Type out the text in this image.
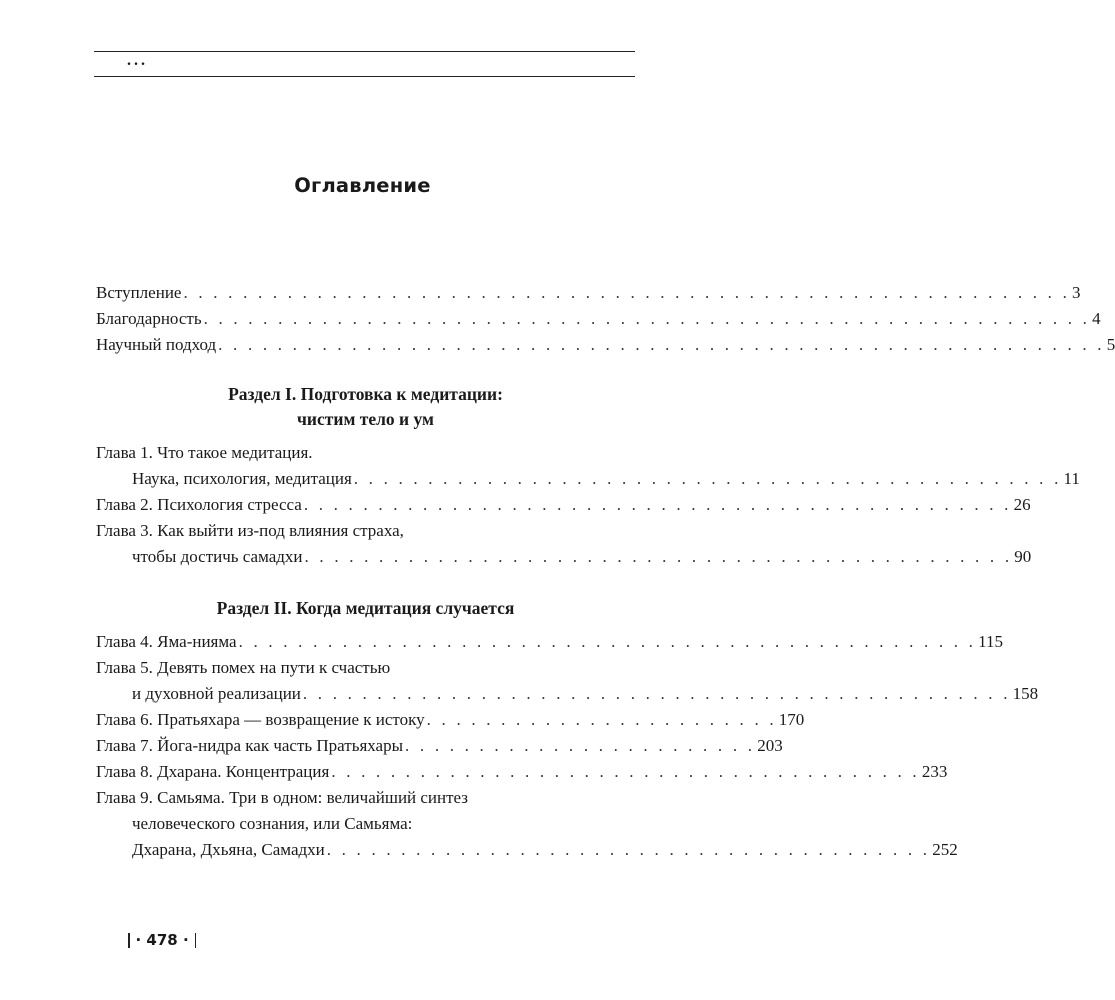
...
Оглавление
Вступление . . . . . . . . . . . . . . . . . . . . . . . . . . . . . . . . . . . . . . . . . . . . . . . . . . . . . . . . . . . . 3
Благодарность . . . . . . . . . . . . . . . . . . . . . . . . . . . . . . . . . . . . . . . . . . . . . . . . . . . . . . . . . . . . 4
Научный подход . . . . . . . . . . . . . . . . . . . . . . . . . . . . . . . . . . . . . . . . . . . . . . . . . . . . . . . . . . . . 5
Раздел I. Подготовка к медитации:
чистим тело и ум
Глава 1. Что такое медитация.
Наука, психология, медитация . . . . . . . . . . . . . . . . . . . . . . . . . . . . . . . . . . . . . . . . . . . . . . . . 11
Глава 2. Психология стресса . . . . . . . . . . . . . . . . . . . . . . . . . . . . . . . . . . . . . . . . . . . . . . . . 26
Глава 3. Как выйти из-под влияния страха,
чтобы достичь самадхи . . . . . . . . . . . . . . . . . . . . . . . . . . . . . . . . . . . . . . . . . . . . . . . . 90
Раздел II. Когда медитация случается
Глава 4. Яма-нияма . . . . . . . . . . . . . . . . . . . . . . . . . . . . . . . . . . . . . . . . . . . . . . . . . . 115
Глава 5. Девять помех на пути к счастью
и духовной реализации . . . . . . . . . . . . . . . . . . . . . . . . . . . . . . . . . . . . . . . . . . . . . . . . 158
Глава 6. Пратьяхара — возвращение к истоку . . . . . . . . . . . . . . . . . . . . . . . . 170
Глава 7. Йога-нидра как часть Пратьяхары . . . . . . . . . . . . . . . . . . . . . . . . 203
Глава 8. Дхарана. Концентрация . . . . . . . . . . . . . . . . . . . . . . . . . . . . . . . . . . . . . . . . 233
Глава 9. Самьяма. Три в одном: величайший синтез
человеческого сознания, или Самьяма:
Дхарана, Дхьяна, Самадхи . . . . . . . . . . . . . . . . . . . . . . . . . . . . . . . . . . . . . . . . . 252
· 478 ·
